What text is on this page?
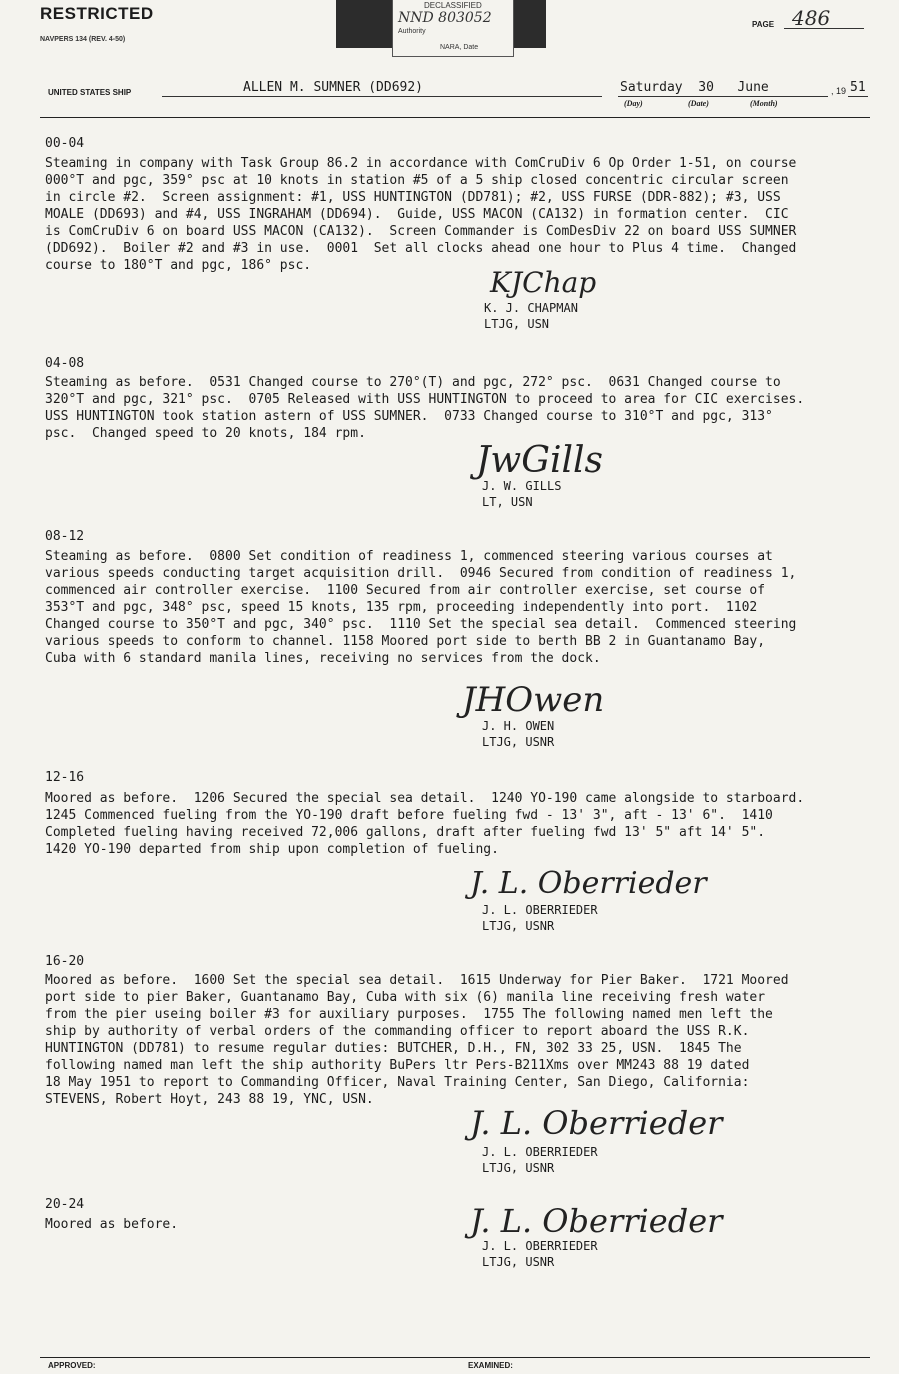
RESTRICTED
NAVPERS 134 (REV. 4-50)
DECLASSIFIED
NND 803052
Authority
NARA, Date
PAGE 486
UNITED STATES SHIP	ALLEN M. SUMNER (DD692)	Saturday 30 June
(Day)	(Date)	(Month)
, 19 51
00-04
Steaming in company with Task Group 86.2 in accordance with ComCruDiv 6 Op Order 1-51, on course
000°T and pgc, 359° psc at 10 knots in station #5 of a 5 ship closed concentric circular screen
in circle #2.  Screen assignment: #1, USS HUNTINGTON (DD781); #2, USS FURSE (DDR-882); #3, USS
MOALE (DD693) and #4, USS INGRAHAM (DD694).  Guide, USS MACON (CA132) in formation center.  CIC
is ComCruDiv 6 on board USS MACON (CA132).  Screen Commander is ComDesDiv 22 on board USS SUMNER
(DD692).  Boiler #2 and #3 in use.  0001  Set all clocks ahead one hour to Plus 4 time.  Changed
course to 180°T and pgc, 186° psc.
KJChap
K. J. CHAPMAN
LTJG, USN
04-08
Steaming as before.  0531 Changed course to 270°(T) and pgc, 272° psc.  0631 Changed course to
320°T and pgc, 321° psc.  0705 Released with USS HUNTINGTON to proceed to area for CIC exercises.
USS HUNTINGTON took station astern of USS SUMNER.  0733 Changed course to 310°T and pgc, 313°
psc.  Changed speed to 20 knots, 184 rpm.
JwGills
J. W. GILLS
LT, USN
08-12
Steaming as before.  0800 Set condition of readiness 1, commenced steering various courses at
various speeds conducting target acquisition drill.  0946 Secured from condition of readiness 1,
commenced air controller exercise.  1100 Secured from air controller exercise, set course of
353°T and pgc, 348° psc, speed 15 knots, 135 rpm, proceeding independently into port.  1102
Changed course to 350°T and pgc, 340° psc.  1110 Set the special sea detail.  Commenced steering
various speeds to conform to channel. 1158 Moored port side to berth BB 2 in Guantanamo Bay,
Cuba with 6 standard manila lines, receiving no services from the dock.
JHOwen
J. H. OWEN
LTJG, USNR
12-16
Moored as before.  1206 Secured the special sea detail.  1240 YO-190 came alongside to starboard.
1245 Commenced fueling from the YO-190 draft before fueling fwd - 13' 3", aft - 13' 6".  1410
Completed fueling having received 72,006 gallons, draft after fueling fwd 13' 5" aft 14' 5".
1420 YO-190 departed from ship upon completion of fueling.
J. L. Oberrieder
J. L. OBERRIEDER
LTJG, USNR
16-20
Moored as before.  1600 Set the special sea detail.  1615 Underway for Pier Baker.  1721 Moored
port side to pier Baker, Guantanamo Bay, Cuba with six (6) manila line receiving fresh water
from the pier useing boiler #3 for auxiliary purposes.  1755 The following named men left the
ship by authority of verbal orders of the commanding officer to report aboard the USS R.K.
HUNTINGTON (DD781) to resume regular duties: BUTCHER, D.H., FN, 302 33 25, USN.  1845 The
following named man left the ship authority BuPers ltr Pers-B211Xms over MM243 88 19 dated
18 May 1951 to report to Commanding Officer, Naval Training Center, San Diego, California:
STEVENS, Robert Hoyt, 243 88 19, YNC, USN.
J. L. Oberrieder
J. L. OBERRIEDER
LTJG, USNR
20-24
Moored as before.	J. L. Oberrieder
J. L. OBERRIEDER
LTJG, USNR
APPROVED:	EXAMINED:
